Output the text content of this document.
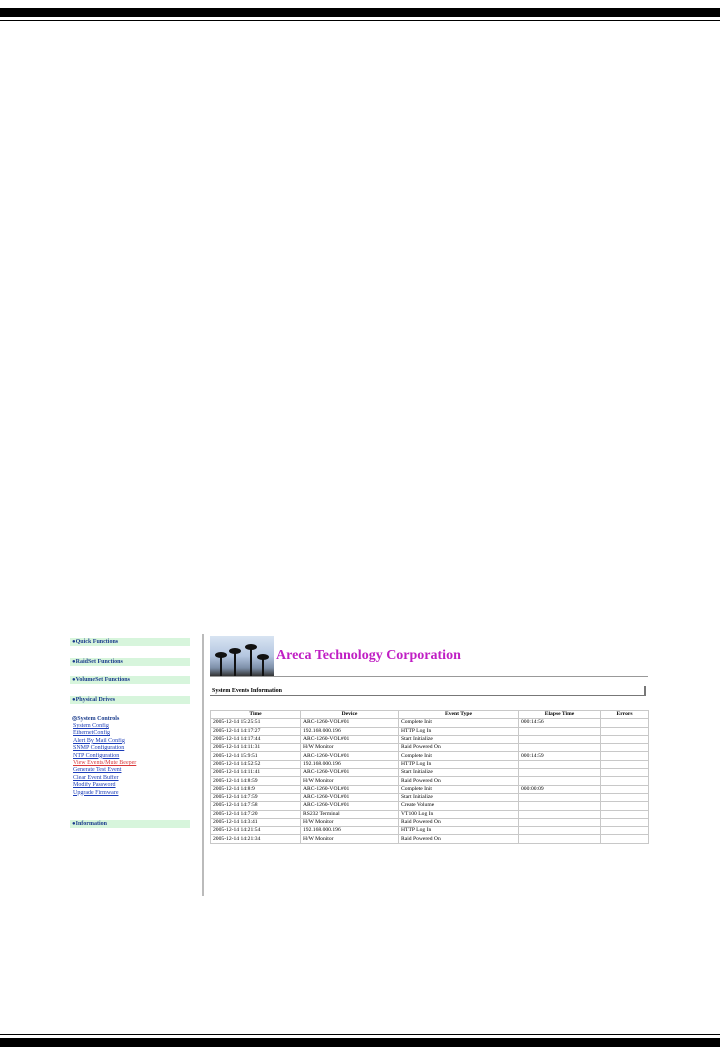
●Quick Functions
●RaidSet Functions
●VolumeSet Functions
●Physical Drives
◎System Controls
System Config
EthernetConfig
Alert By Mail Config
SNMP Configuration
NTP Configuration
View Events/Mute Beeper
Generate Test Event
Clear Event Buffer
Modify Password
Upgrade Firmware
●Information
Areca Technology Corporation
System Events Information
Time	Device	Event Type	Elapse Time	Errors
2005-12-14 15:25:51	ARC-1260-VOL#01	Complete Init	000:14:56	
2005-12-14 14:17:27	192.168.000.196	HTTP Log In		
2005-12-14 14:17:44	ARC-1260-VOL#01	Start Initialize		
2005-12-14 14:11:31	H/W Monitor	Raid Powered On		
2005-12-14 15:9:51	ARC-1260-VOL#01	Complete Init	000:14:59	
2005-12-14 14:52:52	192.168.000.196	HTTP Log In		
2005-12-14 14:11:41	ARC-1260-VOL#01	Start Initialize		
2005-12-14 14:8:59	H/W Monitor	Raid Powered On		
2005-12-14 14:8:9	ARC-1260-VOL#01	Complete Init	000:00:09	
2005-12-14 14:7:59	ARC-1260-VOL#01	Start Initialize		
2005-12-14 14:7:58	ARC-1260-VOL#01	Create Volume		
2005-12-14 14:7:20	RS232 Terminal	VT100 Log In		
2005-12-14 14:3:41	H/W Monitor	Raid Powered On		
2005-12-14 14:21:54	192.168.000.196	HTTP Log In		
2005-12-14 14:21:34	H/W Monitor	Raid Powered On		
